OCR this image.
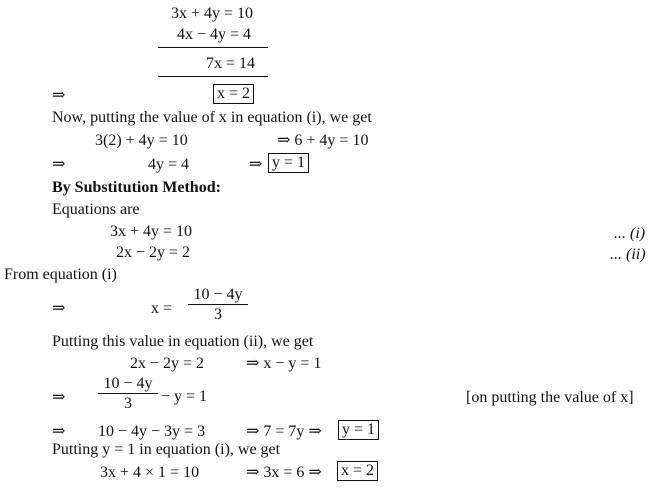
3x + 4y = 10
4x − 4y = 4
7x = 14
⇒	x = 2
Now, putting the value of x in equation (i), we get
3(2) + 4y = 10	⇒ 6 + 4y = 10
⇒	4y = 4	⇒ y = 1
By Substitution Method:
Equations are
3x + 4y = 10	... (i)
2x − 2y = 2	... (ii)
From equation (i)
⇒	$x = \frac{10 - 4y}{3}$
Putting this value in equation (ii), we get
2x − 2y = 2	⇒ x − y = 1
⇒ $\frac{10 - 4y}{3} - y = 1$	[on putting the value of x]
⇒ 10 − 4y − 3y = 3	⇒ 7 = 7y ⇒ y = 1
Putting y = 1 in equation (i), we get
3x + 4 × 1 = 10	⇒ 3x = 6 ⇒ x = 2
